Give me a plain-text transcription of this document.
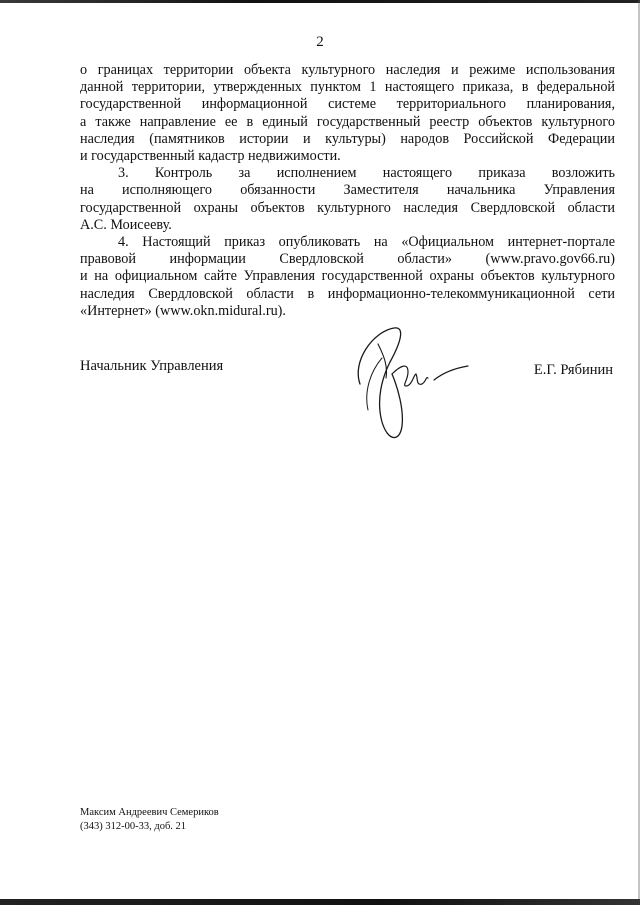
2
о границах территории объекта культурного наследия и режиме использования
данной территории, утвержденных пунктом 1 настоящего приказа, в федеральной
государственной информационной системе территориального планирования,
а также направление ее в единый государственный реестр объектов культурного
наследия (памятников истории и культуры) народов Российской Федерации
и государственный кадастр недвижимости.
3. Контроль за исполнением настоящего приказа возложить
на исполняющего обязанности Заместителя начальника Управления
государственной охраны объектов культурного наследия Свердловской области
А.С. Моисееву.
4. Настоящий приказ опубликовать на «Официальном интернет-портале
правовой информации Свердловской области» (www.pravo.gov66.ru)
и на официальном сайте Управления государственной охраны объектов культурного
наследия Свердловской области в информационно-телекоммуникационной сети
«Интернет» (www.okn.midural.ru).
Начальник Управления	Е.Г. Рябинин
Максим Андреевич Семериков
(343) 312-00-33, доб. 21
